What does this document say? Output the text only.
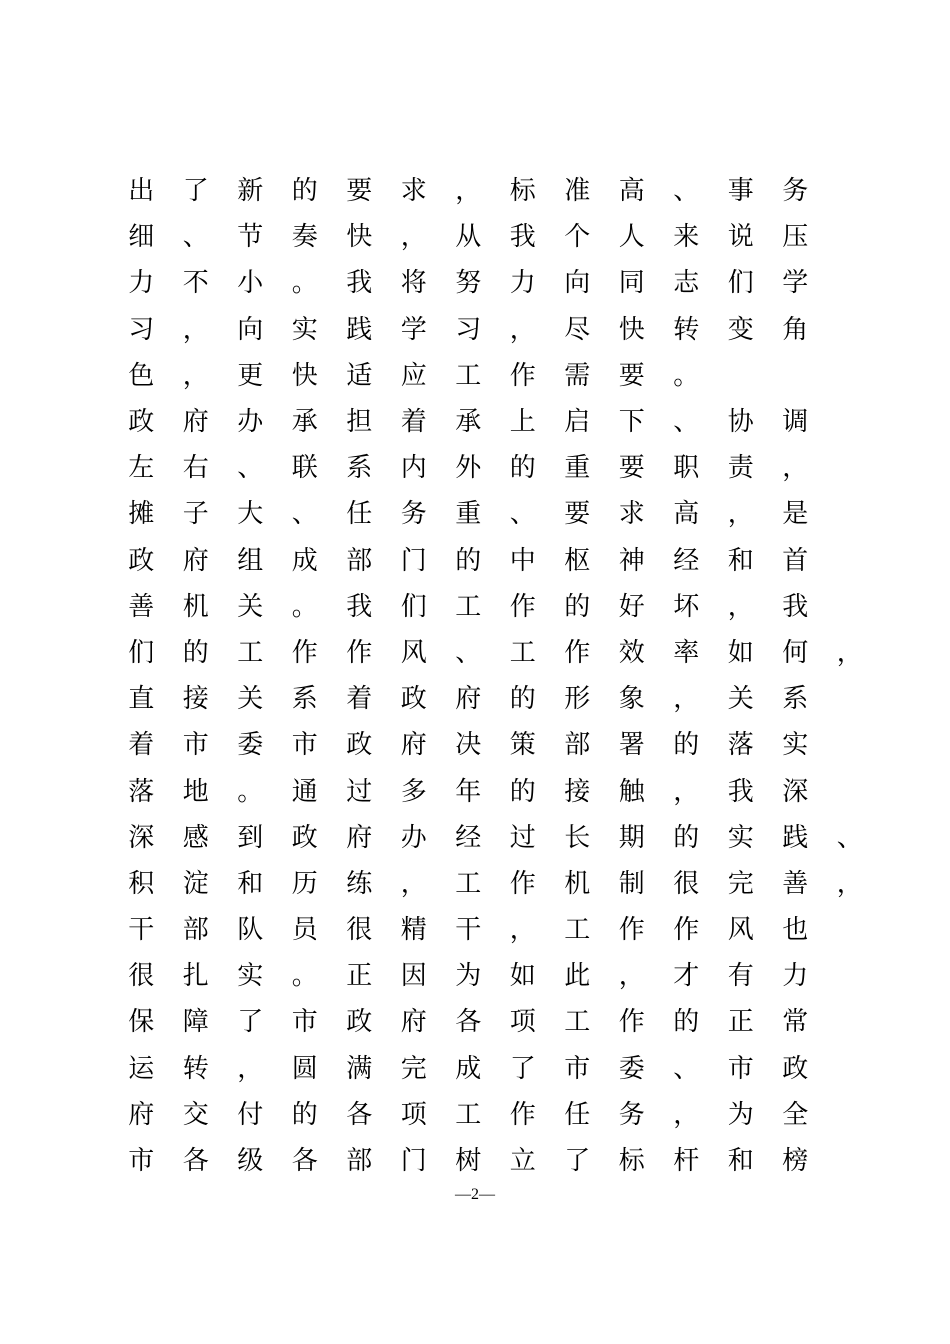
出	了	新	的	要	求	，	标	准	高	、	事	务
细	、	节	奏	快	，	从	我	个	人	来	说	压
力	不	小	。	我	将	努	力	向	同	志	们	学
习	，	向	实	践	学	习	，	尽	快	转	变	角
色	，	更	快	适	应	工	作	需	要	。
政	府	办	承	担	着	承	上	启	下	、	协	调
左	右	、	联	系	内	外	的	重	要	职	责	，
摊	子	大	、	任	务	重	、	要	求	高	，	是
政	府	组	成	部	门	的	中	枢	神	经	和	首
善	机	关	。	我	们	工	作	的	好	坏	，	我
们	的	工	作	作	风	、	工	作	效	率	如	何	，
直	接	关	系	着	政	府	的	形	象	，	关	系
着	市	委	市	政	府	决	策	部	署	的	落	实
落	地	。	通	过	多	年	的	接	触	，	我	深
深	感	到	政	府	办	经	过	长	期	的	实	践	、
积	淀	和	历	练	，	工	作	机	制	很	完	善	，
干	部	队	员	很	精	干	，	工	作	作	风	也
很	扎	实	。	正	因	为	如	此	，	才	有	力
保	障	了	市	政	府	各	项	工	作	的	正	常
运	转	，	圆	满	完	成	了	市	委	、	市	政
府	交	付	的	各	项	工	作	任	务	，	为	全
市	各	级	各	部	门	树	立	了	标	杆	和	榜
—2—
